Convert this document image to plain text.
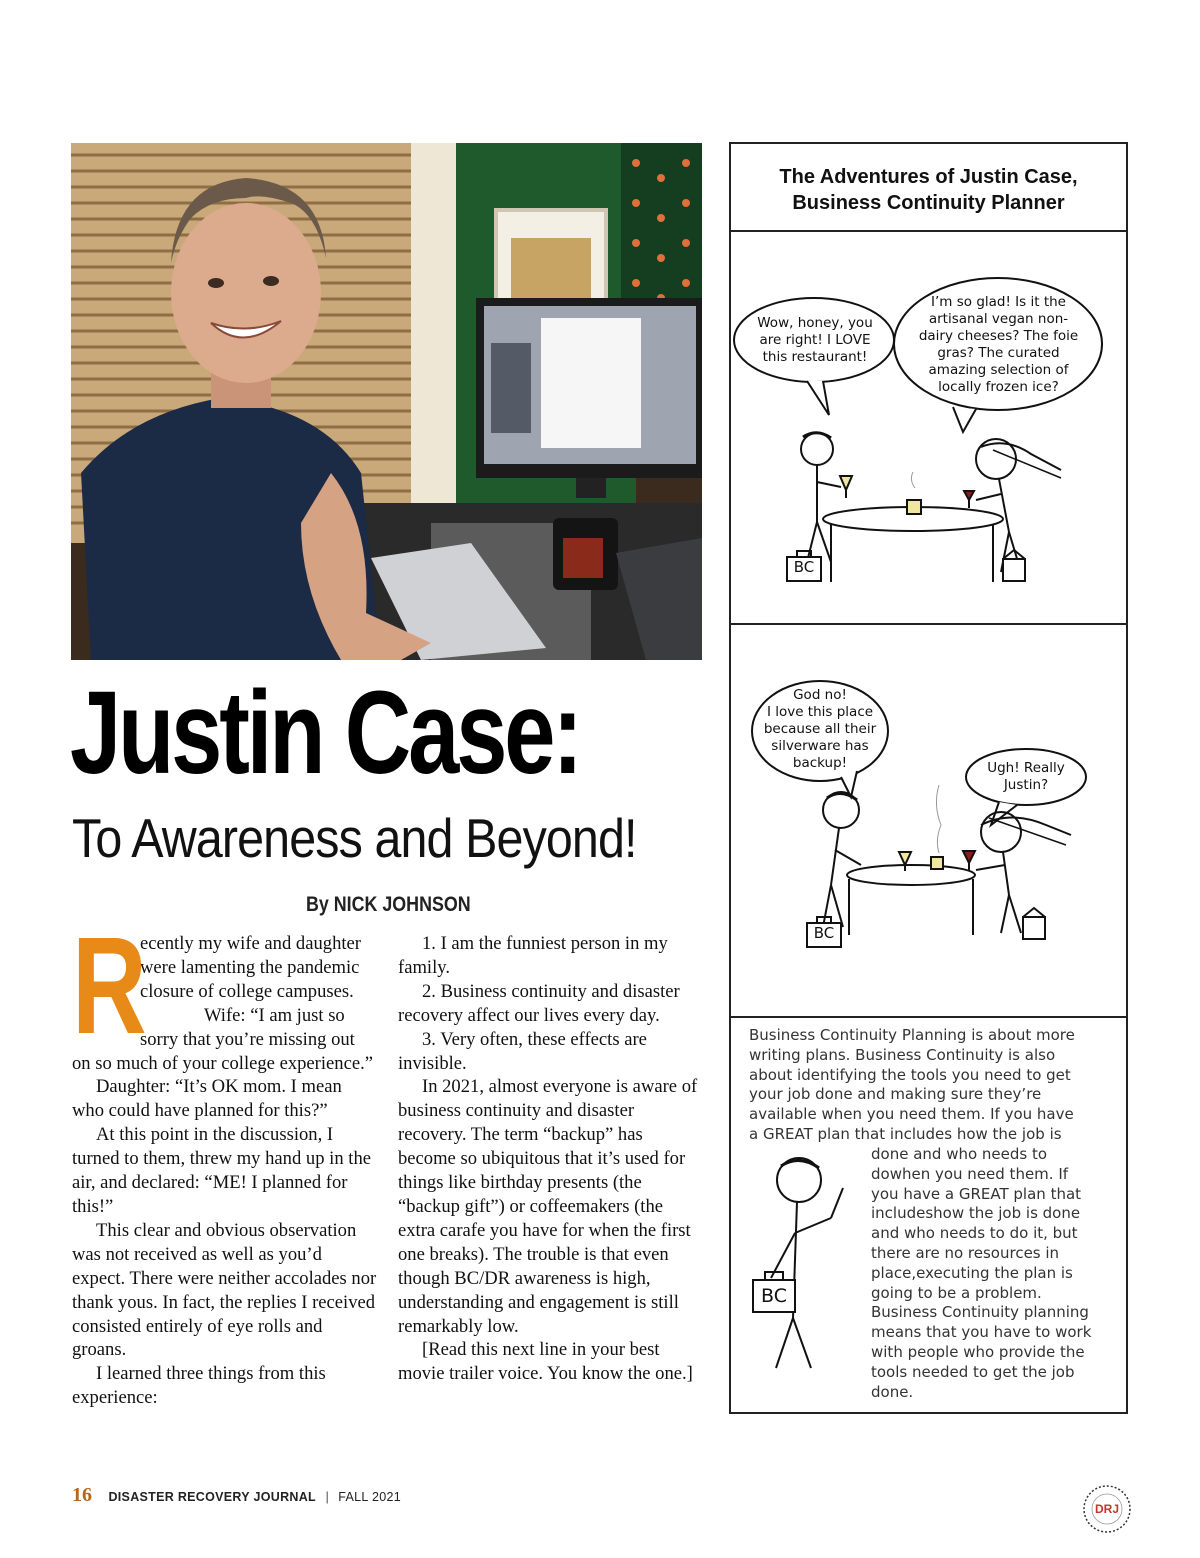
Justin Case:
To Awareness and Beyond!
By NICK JOHNSON

R
ecently my wife and daughter were lamenting the pandemic closure of college campuses.

Wife: “I am just so sorry that you’re missing out on so much of your college experience.”

Daughter: “It’s OK mom. I mean who could have planned for this?”

At this point in the discussion, I turned to them, threw my hand up in the air, and declared: “ME! I planned for this!”

This clear and obvious observation was not received as well as you’d expect. There were neither accolades nor thank yous. In fact, the replies I received consisted entirely of eye rolls and groans.

I learned three things from this experience:

1. I am the funniest person in my family.

2. Business continuity and disaster recovery affect our lives every day.

3. Very often, these effects are invisible.

In 2021, almost everyone is aware of business continuity and disaster recovery. The term “backup” has become so ubiquitous that it’s used for things like birthday presents (the “backup gift”) or coffeemakers (the extra carafe you have for when the first one breaks). The trouble is that even though BC/DR awareness is high, understanding and engagement is still remarkably low.

[Read this next line in your best movie trailer voice. You know the one.]

The Adventures of Justin Case,
Business Continuity Planner
Wow, honey, you
are right! I LOVE
this restaurant!
I’m so glad! Is it the
artisanal vegan non-
dairy cheeses? The foie
gras? The curated
amazing selection of
locally frozen ice?
BC
God no!
I love this place
because all their
silverware has
backup!	Ugh! Really
Justin?
BC
Business Continuity Planning is about more
writing plans. Business Continuity is also
about identifying the tools you need to get
your job done and making sure they’re
available when you need them. If you have
a GREAT plan that includes how the job is
done and who needs to
dowhen you need them. If
you have a GREAT plan that
includeshow the job is done
and who needs to do it, but
there are no resources in
place,executing the plan is
going to be a problem.
Business Continuity planning
means that you have to work
with people who provide the
tools needed to get the job
done.
BC
16 DISASTER RECOVERY JOURNAL | FALL 2021
DRJ
